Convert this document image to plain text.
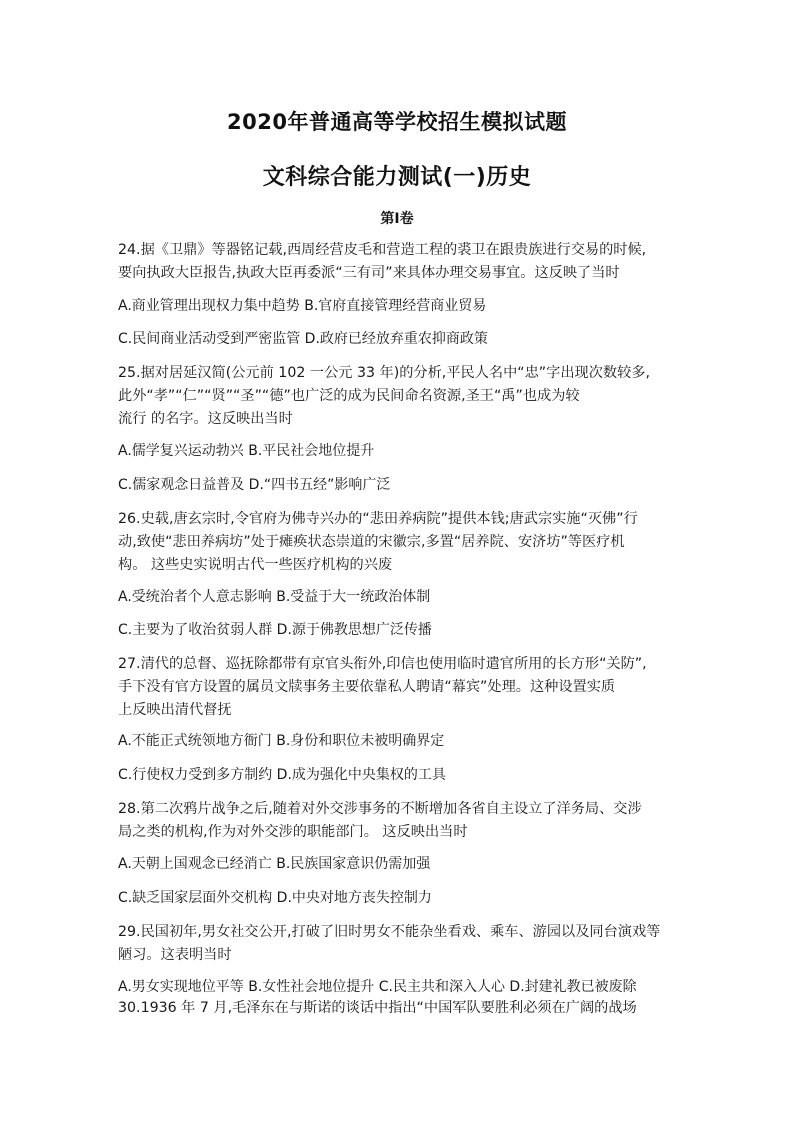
2020年普通高等学校招生模拟试题
文科综合能力测试(一)历史
第Ⅰ卷
24.据《卫鼎》等器铭记载,西周经营皮毛和营造工程的裘卫在跟贵族进行交易的时候,
要向执政大臣报告,执政大臣再委派“三有司”来具体办理交易事宜。这反映了当时
A.商业管理出现权力集中趋势 B.官府直接管理经营商业贸易
C.民间商业活动受到严密监管 D.政府已经放弃重农抑商政策
25.据对居延汉简(公元前 102 一公元 33 年)的分析,平民人名中“忠”字出现次数较多,
此外“孝”“仁”“贤”“圣”“德”也广泛的成为民间命名资源,圣王“禹”也成为较
流行 的名字。这反映出当时
A.儒学复兴运动勃兴 B.平民社会地位提升
C.儒家观念日益普及 D.“四书五经”影响广泛
26.史载,唐玄宗时,令官府为佛寺兴办的“悲田养病院”提供本钱;唐武宗实施“灭佛”行
动,致使“悲田养病坊”处于瘫痪状态崇道的宋徽宗,多置“居养院、安济坊”等医疗机
构。 这些史实说明古代一些医疗机构的兴废
A.受统治者个人意志影响 B.受益于大一统政治体制
C.主要为了收治贫弱人群 D.源于佛教思想广泛传播
27.清代的总督、巡抚除都带有京官头衔外,印信也使用临时遣官所用的长方形“关防”,
手下没有官方设置的属员文牍事务主要依靠私人聘请“幕宾”处理。这种设置实质
上反映出清代督抚
A.不能正式统领地方衙门 B.身份和职位未被明确界定
C.行使权力受到多方制约 D.成为强化中央集权的工具
28.第二次鸦片战争之后,随着对外交涉事务的不断增加各省自主设立了洋务局、交涉
局之类的机构,作为对外交涉的职能部门。 这反映出当时
A.天朝上国观念已经消亡 B.民族国家意识仍需加强
C.缺乏国家层面外交机构 D.中央对地方丧失控制力
29.民国初年,男女社交公开,打破了旧时男女不能杂坐看戏、乘车、游园以及同台演戏等
陋习。这表明当时
A.男女实现地位平等 B.女性社会地位提升 C.民主共和深入人心 D.封建礼教已被废除
30.1936 年 7 月,毛泽东在与斯诺的谈话中指出“中国军队要胜利必须在广阔的战场
